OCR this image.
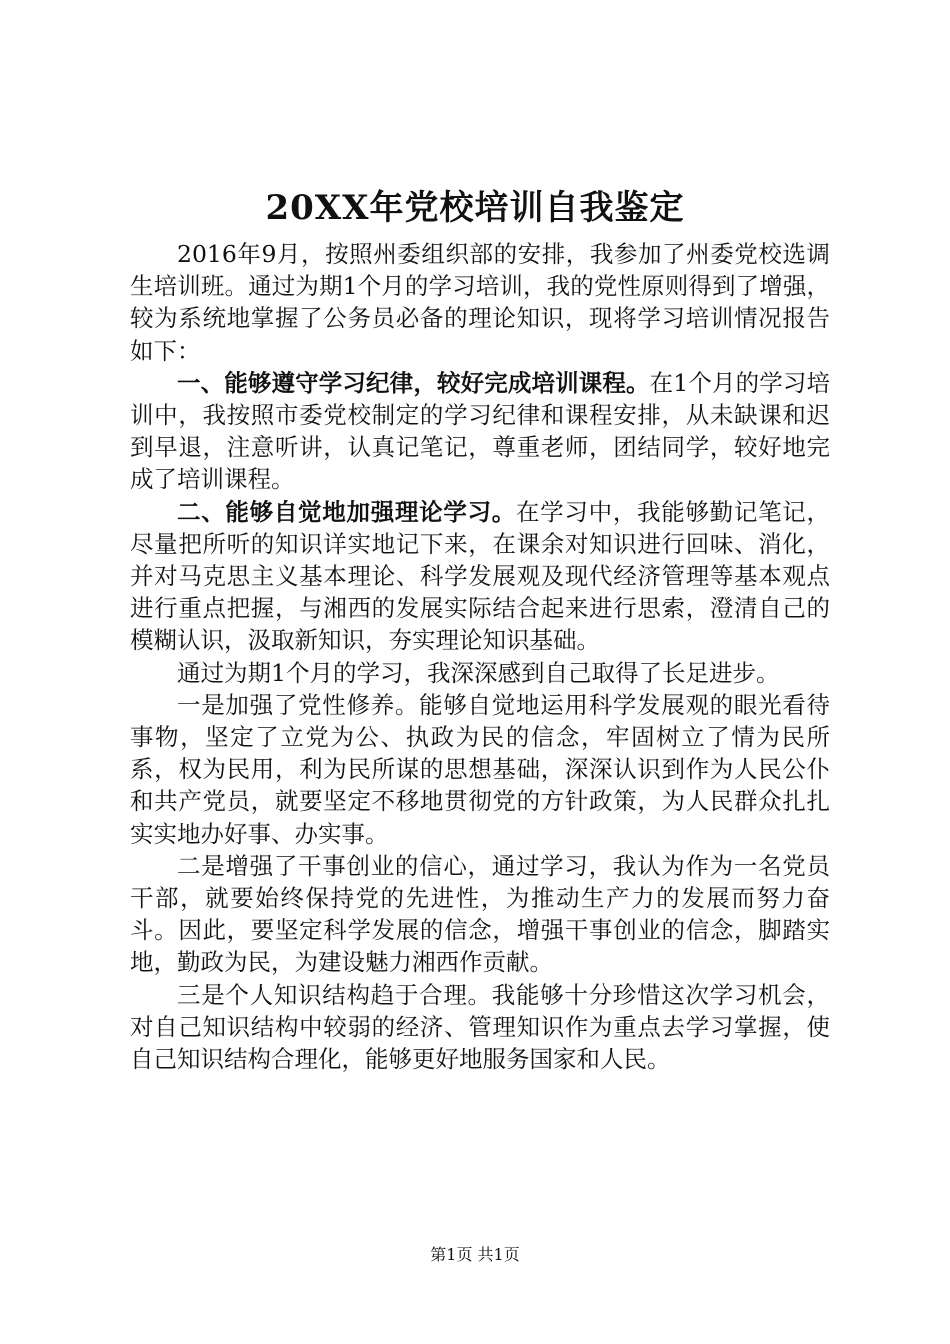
20XX年党校培训自我鉴定

2016年9月，按照州委组织部的安排，我参加了州委党校选调生培训班。通过为期1个月的学习培训，我的党性原则得到了增强，较为系统地掌握了公务员必备的理论知识，现将学习培训情况报告如下：

一、能够遵守学习纪律，较好完成培训课程。在1个月的学习培训中，我按照市委党校制定的学习纪律和课程安排，从未缺课和迟到早退，注意听讲，认真记笔记，尊重老师，团结同学，较好地完成了培训课程。

二、能够自觉地加强理论学习。在学习中，我能够勤记笔记，尽量把所听的知识详实地记下来，在课余对知识进行回味、消化，并对马克思主义基本理论、科学发展观及现代经济管理等基本观点进行重点把握，与湘西的发展实际结合起来进行思索，澄清自己的模糊认识，汲取新知识，夯实理论知识基础。

通过为期1个月的学习，我深深感到自己取得了长足进步。

一是加强了党性修养。能够自觉地运用科学发展观的眼光看待事物，坚定了立党为公、执政为民的信念，牢固树立了情为民所系，权为民用，利为民所谋的思想基础，深深认识到作为人民公仆和共产党员，就要坚定不移地贯彻党的方针政策，为人民群众扎扎实实地办好事、办实事。

二是增强了干事创业的信心，通过学习，我认为作为一名党员干部，就要始终保持党的先进性，为推动生产力的发展而努力奋斗。因此，要坚定科学发展的信念，增强干事创业的信念，脚踏实地，勤政为民，为建设魅力湘西作贡献。

三是个人知识结构趋于合理。我能够十分珍惜这次学习机会，对自己知识结构中较弱的经济、管理知识作为重点去学习掌握，使自己知识结构合理化，能够更好地服务国家和人民。

第1页 共1页
